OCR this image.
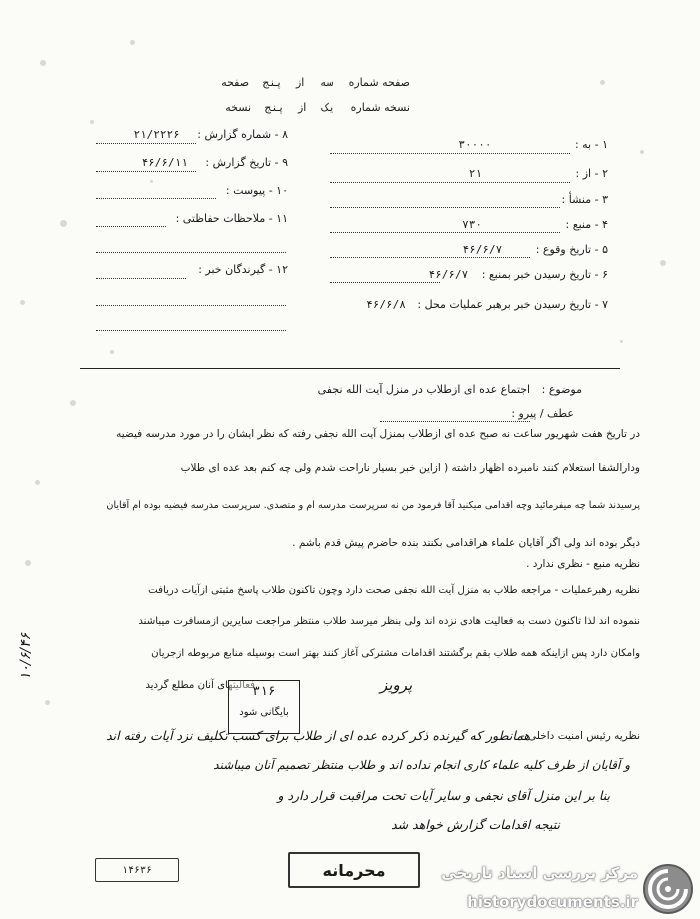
صفحه شماره سه از پنج صفحه
نسخه شماره یک از پنج نسخه
۱ - به : ۳۰۰۰۰
۲ - از : ۲۱
۳ - منشأ :
۴ - منبع : ۷۳۰
۵ - تاریخ وقوع : ۴۶/۶/۷
۶ - تاریخ رسیدن خبر بمنبع : ۴۶/۶/۷
۷ - تاریخ رسیدن خبر برهبر عملیات محل : ۴۶/۶/۸
۸ - شماره گزارش : ۲۱/۲۲۲۶
۹ - تاریخ گزارش : ۴۶/۶/۱۱
۱۰ - پیوست :
۱۱ - ملاحظات حفاظتی :
۱۲ - گیرندگان خبر :
موضوع : اجتماع عده ای ازطلاب در منزل آیت الله نجفی
عطف / پیرو :
در تاریخ هفت شهریور ساعت نه صبح عده ای ازطلاب بمنزل آیت الله نجفی رفته که نظر ایشان را در مورد مدرسه فیضیه
ودارالشفا استعلام کنند نامبرده اظهار داشته ( ازاین خبر بسیار ناراحت شدم ولی چه کنم بعد عده ای طلاب
پرسیدند شما چه میفرمائید وچه اقدامی میکنید آقا فرمود من نه سرپرست مدرسه ام و متصدی. سرپرست مدرسه فیضیه بوده ام آقایان
دیگر بوده اند ولی اگر آقایان علماء هراقدامی بکنند بنده حاضرم پیش قدم باشم .
نظریه منبع - نظری ندارد .
نظریه رهبرعملیات - مراجعه طلاب به منزل آیت الله نجفی صحت دارد وچون تاکنون طلاب پاسخ مثبتی ازآیات دریافت
ننموده اند لذا تاکنون دست به فعالیت هادی نزده اند ولی بنظر میرسد طلاب منتظر مراجعت سایرین ازمسافرت میباشند
وامکان دارد پس ازاینکه همه طلاب بقم برگشتند اقدامات مشترکی آغاز کنند بهتر است بوسیله منابع مربوطه ازجریان
فعالیتهای آنان مطلع گردید	پرویز
۳۱۶
بایگانی شود
نظریه رئیس امنیت داخلی -
همانطور که گیرنده ذکر کرده عده ای از طلاب برای کسب تکلیف نزد آیات رفته اند
و آقایان از طرف کلیه علماء کاری انجام نداده اند و طلاب منتظر تصمیم آنان میباشند
بنا بر این منزل آقای نجفی و سایر آیات تحت مراقبت قرار دارد و
نتیجه اقدامات گزارش خواهد شد
۱۰/۶/۴۶
۱۴۶۳۶	محرمانه	مرکز بررسی اسناد تاریخی
historydocuments.ir
